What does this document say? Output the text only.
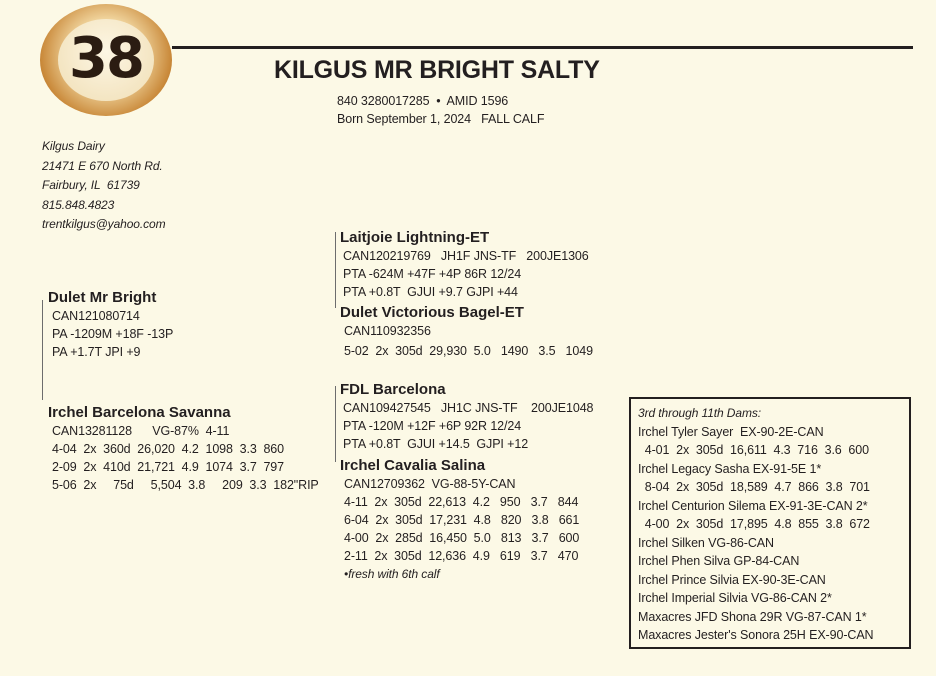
38	KILGUS MR BRIGHT SALTY
840 3280017285  •  AMID 1596
Born September 1, 2024   FALL CALF
Kilgus Dairy
21471 E 670 North Rd.
Fairbury, IL  61739
815.848.4823
trentkilgus@yahoo.com
Dulet Mr Bright
CAN121080714
PA -1209M +18F -13P
PA +1.7T JPI +9
Laitjoie Lightning-ET
CAN120219769   JH1F JNS-TF   200JE1306
PTA -624M +47F +4P 86R 12/24
PTA +0.8T  GJUI +9.7 GJPI +44
Dulet Victorious Bagel-ET
CAN110932356
5-02  2x  305d  29,930  5.0   1490   3.5   1049
Irchel Barcelona Savanna
CAN13281128      VG-87%  4-11
4-04  2x  360d  26,020  4.2  1098  3.3  860
2-09  2x  410d  21,721  4.9  1074  3.7  797
5-06  2x     75d     5,504  3.8     209  3.3  182"RIP
FDL Barcelona
CAN109427545   JH1C JNS-TF    200JE1048
PTA -120M +12F +6P 92R 12/24
PTA +0.8T  GJUI +14.5  GJPI +12
Irchel Cavalia Salina
CAN12709362  VG-88-5Y-CAN
4-11  2x  305d  22,613  4.2   950   3.7   844
6-04  2x  305d  17,231  4.8   820   3.8   661
4-00  2x  285d  16,450  5.0   813   3.7   600
2-11  2x  305d  12,636  4.9   619   3.7   470
•fresh with 6th calf
3rd through 11th Dams:
Irchel Tyler Sayer  EX-90-2E-CAN
4-01  2x  305d  16,611  4.3  716  3.6  600
Irchel Legacy Sasha EX-91-5E 1*
8-04  2x  305d  18,589  4.7  866  3.8  701
Irchel Centurion Silema EX-91-3E-CAN 2*
4-00  2x  305d  17,895  4.8  855  3.8  672
Irchel Silken VG-86-CAN
Irchel Phen Silva GP-84-CAN
Irchel Prince Silvia EX-90-3E-CAN
Irchel Imperial Silvia VG-86-CAN 2*
Maxacres JFD Shona 29R VG-87-CAN 1*
Maxacres Jester's Sonora 25H EX-90-CAN
